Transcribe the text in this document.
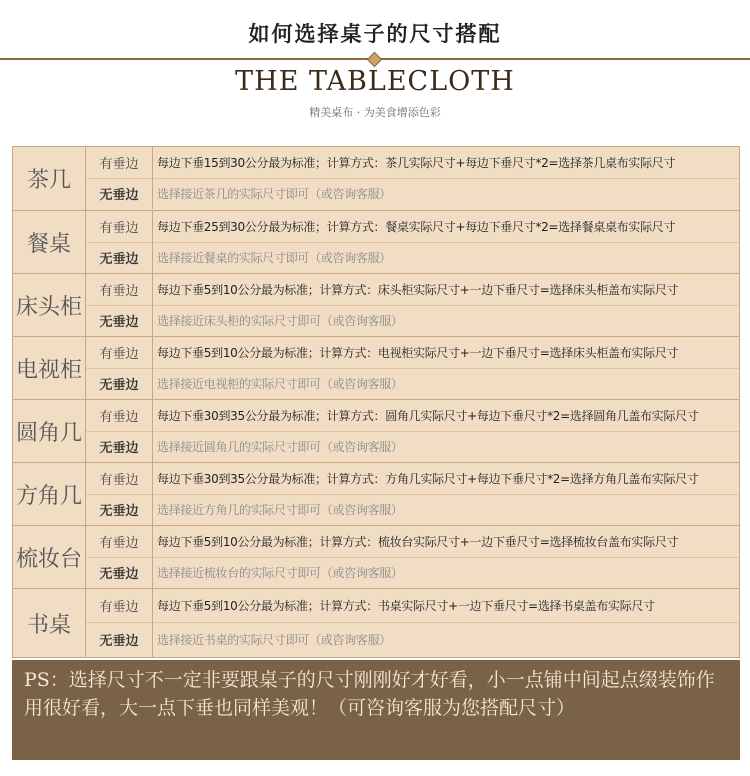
如何选择桌子的尺寸搭配
THE TABLECLOTH
精美桌布 · 为美食增添色彩
茶几
有垂边	每边下垂15到30公分最为标准；计算方式：茶几实际尺寸+每边下垂尺寸*2=选择茶几桌布实际尺寸
无垂边	选择接近茶几的实际尺寸即可（或咨询客服）
餐桌
有垂边	每边下垂25到30公分最为标准；计算方式：餐桌实际尺寸+每边下垂尺寸*2=选择餐桌桌布实际尺寸
无垂边	选择接近餐桌的实际尺寸即可（或咨询客服）
床头柜
有垂边	每边下垂5到10公分最为标准；计算方式：床头柜实际尺寸+一边下垂尺寸=选择床头柜盖布实际尺寸
无垂边	选择接近床头柜的实际尺寸即可（或咨询客服）
电视柜
有垂边	每边下垂5到10公分最为标准；计算方式：电视柜实际尺寸+一边下垂尺寸=选择床头柜盖布实际尺寸
无垂边	选择接近电视柜的实际尺寸即可（或咨询客服）
圆角几
有垂边	每边下垂30到35公分最为标准；计算方式：圆角几实际尺寸+每边下垂尺寸*2=选择圆角几盖布实际尺寸
无垂边	选择接近圆角几的实际尺寸即可（或咨询客服）
方角几
有垂边	每边下垂30到35公分最为标准；计算方式：方角几实际尺寸+每边下垂尺寸*2=选择方角几盖布实际尺寸
无垂边	选择接近方角几的实际尺寸即可（或咨询客服）
梳妆台
有垂边	每边下垂5到10公分最为标准；计算方式：梳妆台实际尺寸+一边下垂尺寸=选择梳妆台盖布实际尺寸
无垂边	选择接近梳妆台的实际尺寸即可（或咨询客服）
书桌
有垂边	每边下垂5到10公分最为标准；计算方式：书桌实际尺寸+一边下垂尺寸=选择书桌盖布实际尺寸
无垂边	选择接近书桌的实际尺寸即可（或咨询客服）
PS：选择尺寸不一定非要跟桌子的尺寸刚刚好才好看，小一点铺中间起点缀装饰作用很好看，大一点下垂也同样美观！（可咨询客服为您搭配尺寸）
